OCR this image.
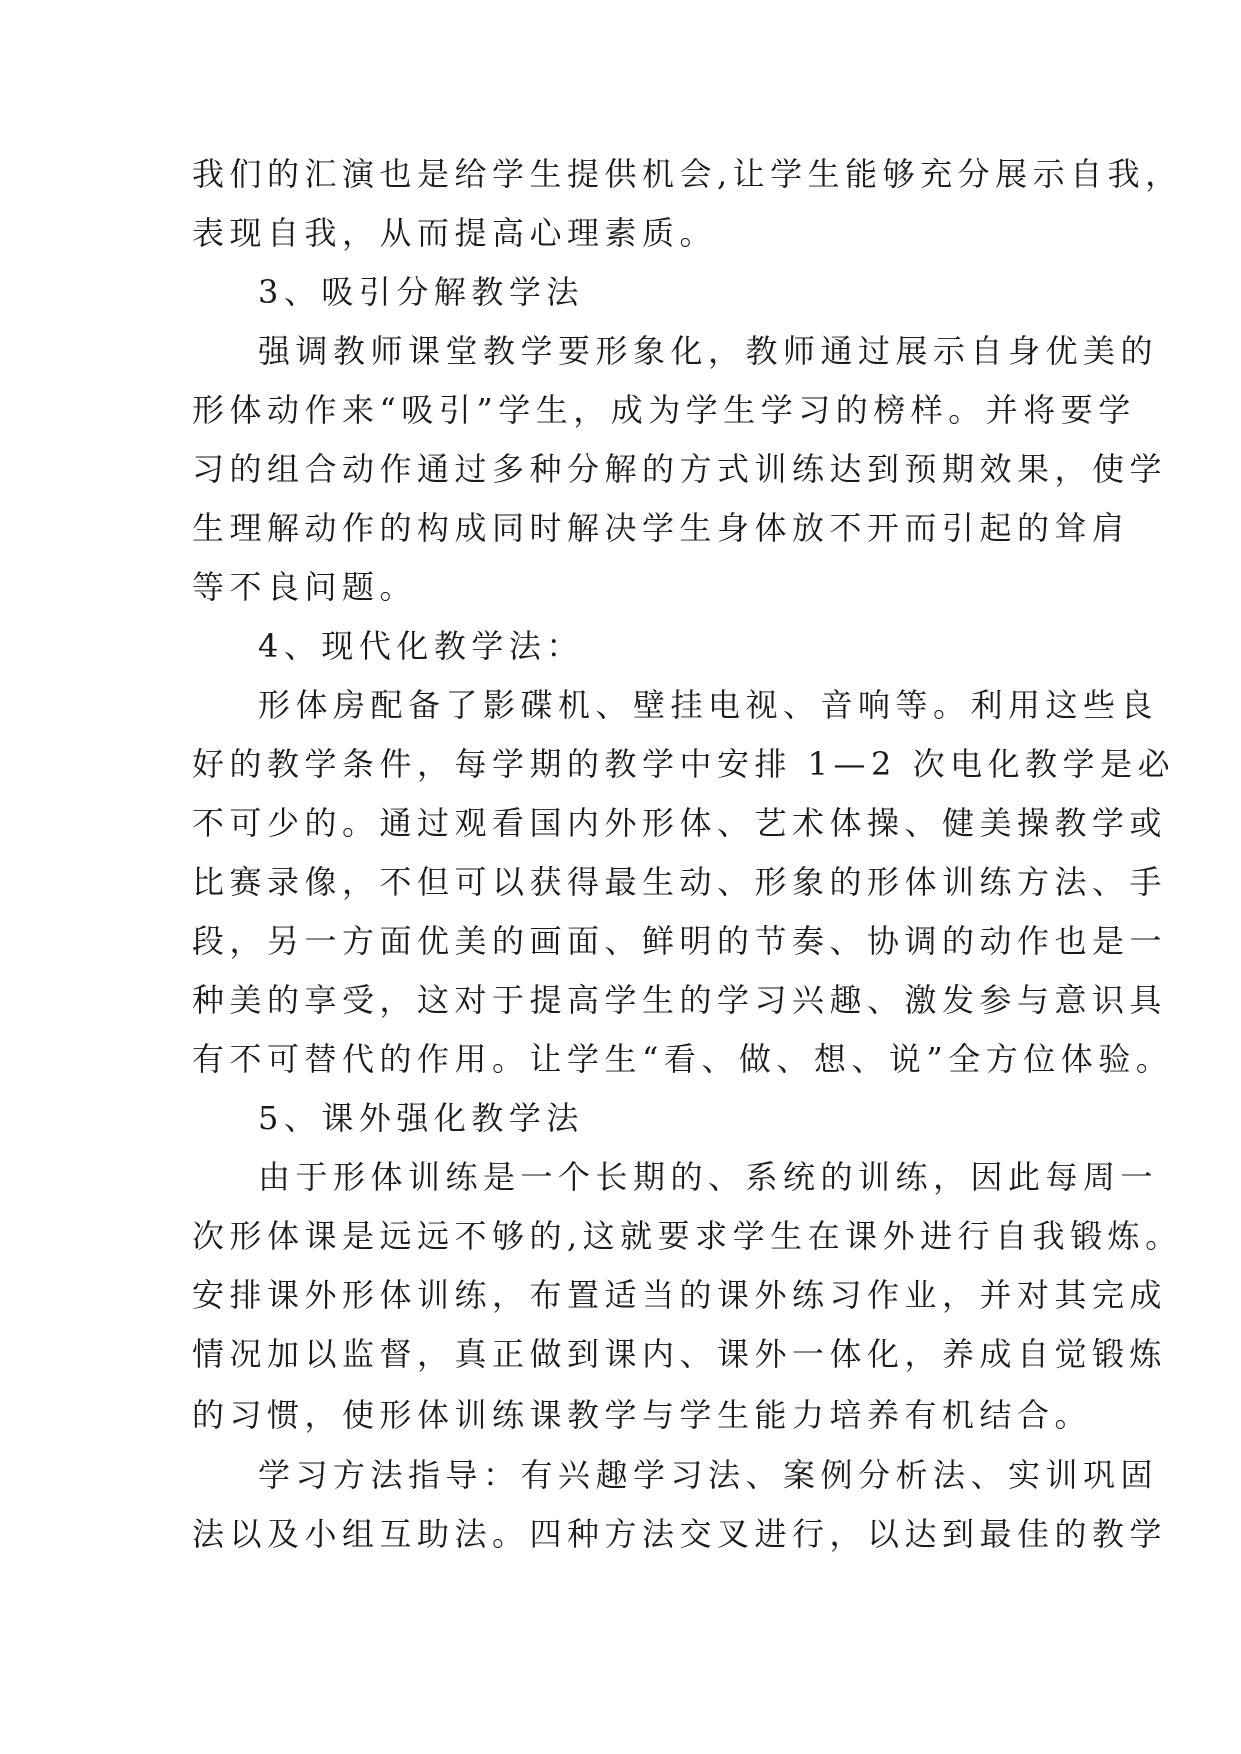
我们的汇演也是给学生提供机会,让学生能够充分展示自我，
表现自我，从而提高心理素质。
3、吸引分解教学法
强调教师课堂教学要形象化，教师通过展示自身优美的
形体动作来“吸引”学生，成为学生学习的榜样。并将要学
习的组合动作通过多种分解的方式训练达到预期效果，使学
生理解动作的构成同时解决学生身体放不开而引起的耸肩
等不良问题。
4、现代化教学法：
形体房配备了影碟机、壁挂电视、音响等。利用这些良
好的教学条件，每学期的教学中安排 1—2 次电化教学是必
不可少的。通过观看国内外形体、艺术体操、健美操教学或
比赛录像，不但可以获得最生动、形象的形体训练方法、手
段，另一方面优美的画面、鲜明的节奏、协调的动作也是一
种美的享受，这对于提高学生的学习兴趣、激发参与意识具
有不可替代的作用。让学生“看、做、想、说”全方位体验。
5、课外强化教学法
由于形体训练是一个长期的、系统的训练，因此每周一
次形体课是远远不够的,这就要求学生在课外进行自我锻炼。
安排课外形体训练，布置适当的课外练习作业，并对其完成
情况加以监督，真正做到课内、课外一体化，养成自觉锻炼
的习惯，使形体训练课教学与学生能力培养有机结合。
学习方法指导：有兴趣学习法、案例分析法、实训巩固
法以及小组互助法。四种方法交叉进行，以达到最佳的教学
